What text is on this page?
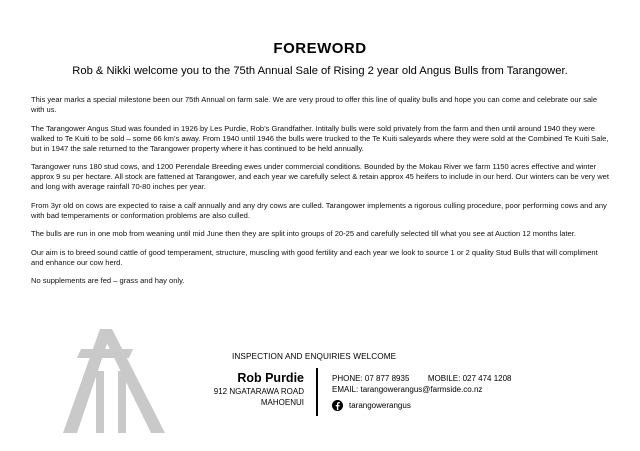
FOREWORD
Rob & Nikki welcome you to the 75th Annual Sale of Rising 2 year old Angus Bulls from Tarangower.

This year marks a special milestone been our 75th Annual on farm sale. We are very proud to offer this line of quality bulls and hope you can come and celebrate our sale with us.

The Tarangower Angus Stud was founded in 1926 by Les Purdie, Rob’s Grandfather. Intitally bulls were sold privately from the farm and then until around 1940 they were walked to Te Kuiti to be sold – some 66 km’s away. From 1940 until 1946 the bulls were trucked to the Te Kuiti saleyards where they were sold at the Combined Te Kuiti Sale, but in 1947 the sale returned to the Tarangower property where it has continued to be held annually.

Tarangower runs 180 stud cows, and 1200 Perendale Breeding ewes under commercial conditions. Bounded by the Mokau River we farm 1150 acres effective and winter approx 9 su per hectare. All stock are fattened at Tarangower, and each year we carefully select & retain approx 45 heifers to include in our herd. Our winters can be very wet and long with average rainfall 70-80 inches per year.

From 3yr old on cows are expected to raise a calf annually and any dry cows are culled. Tarangower implements a rigorous culling procedure, poor performing cows and any with bad temperaments or conformation problems are also culled.

The bulls are run in one mob from weaning until mid June then they are split into groups of 20-25 and carefully selected till what you see at Auction 12 months later.

Our aim is to breed sound cattle of good temperament, structure, muscling with good fertility and each year we look to source 1 or 2 quality Stud Bulls that will compliment and enhance our cow herd.

No supplements are fed – grass and hay only.

INSPECTION AND ENQUIRIES WELCOME
Rob Purdie
912 NGATARAWA ROAD
MAHOENUI
PHONE: 07 877 8935 MOBILE: 027 474 1208
EMAIL: tarangowerangus@farmside.co.nz
tarangowerangus
